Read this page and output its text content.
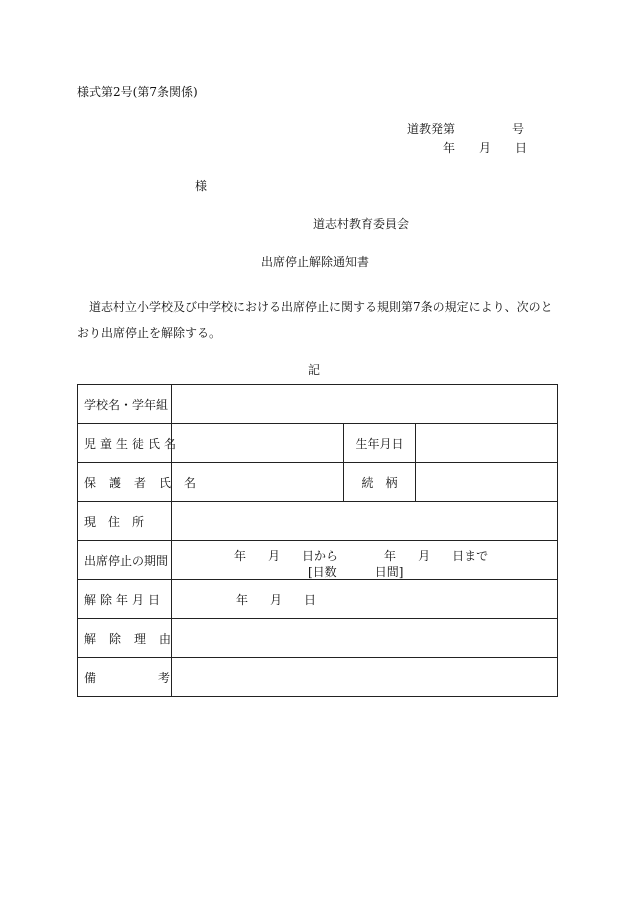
様式第2号(第7条関係)
道教発第	号
年 月 日
様
道志村教育委員会
出席停止解除通知書
道志村立小学校及び中学校における出席停止に関する規則第7条の規定により、次のとおり出席停止を解除する。
記
学校名・学年組			
児童生徒氏名		生年月日	
保護者氏名		続　柄	
現　住　所			
出席停止の期間	年 月 日から 年 月 日まで
[日数 日間]		

解除年月日	年 月 日		
解除理由			
備考			
